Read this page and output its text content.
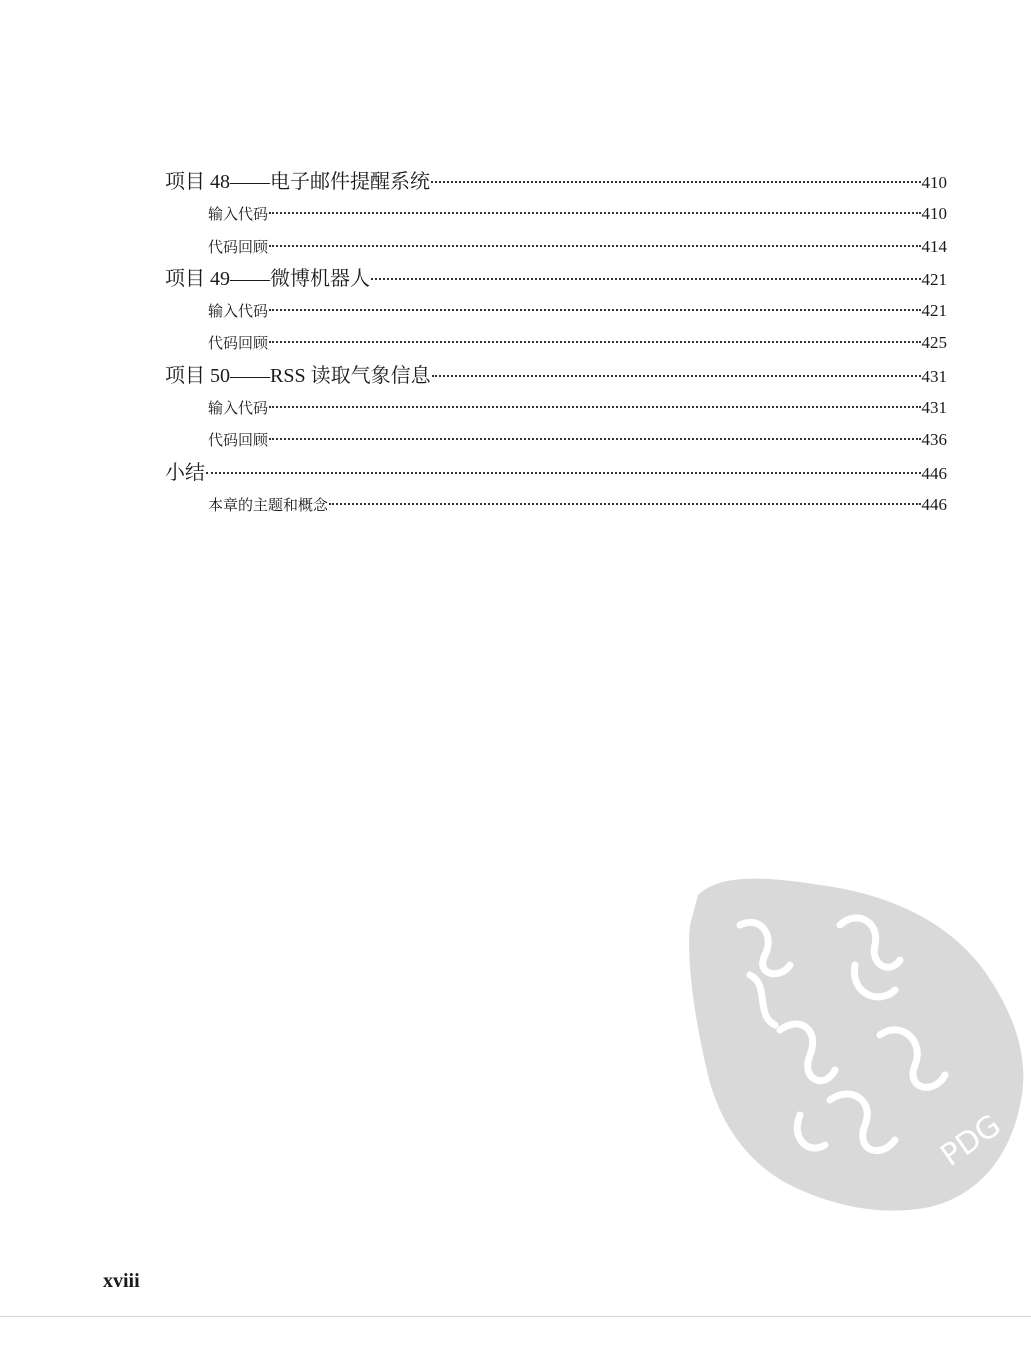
项目 48——电子邮件提醒系统	410
输入代码	410
代码回顾	414
项目 49——微博机器人	421
输入代码	421
代码回顾	425
项目 50——RSS 读取气象信息	431
输入代码	431
代码回顾	436
小结	446
本章的主题和概念	446
PDG
xviii
